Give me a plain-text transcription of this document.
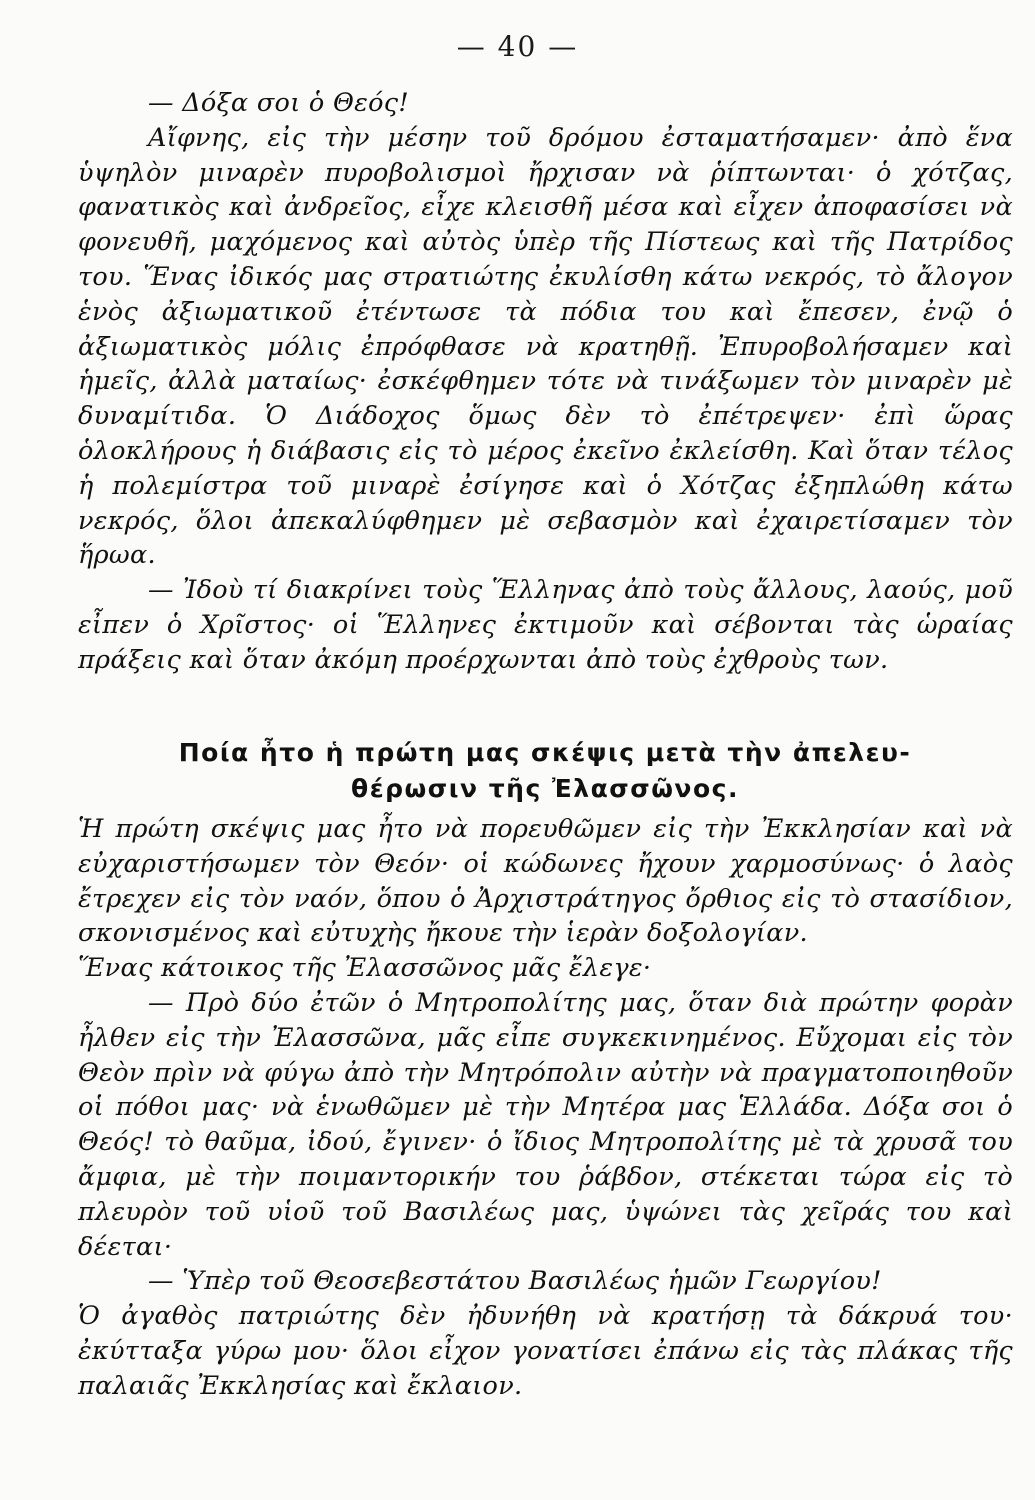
— 40 —

— Δόξα σοι ὁ Θεός!

Αἴφνης, εἰς τὴν μέσην τοῦ δρόμου ἐσταματήσαμεν· ἀπὸ ἕνα ὑψηλὸν μιναρὲν πυροβολισμοὶ ἤρχισαν νὰ ῥίπτωνται· ὁ χότζας, φανατικὸς καὶ ἀνδρεῖος, εἶχε κλεισθῆ μέσα καὶ εἶχεν ἀποφασίσει νὰ φονευθῆ, μαχόμενος καὶ αὐτὸς ὑπὲρ τῆς Πίστεως καὶ τῆς Πατρίδος του. Ἕνας ἰδικός μας στρατιώτης ἐκυλίσθη κάτω νεκρός, τὸ ἄλογον ἑνὸς ἀξιωματικοῦ ἐτέντωσε τὰ πόδια του καὶ ἔπεσεν, ἐνῷ ὁ ἀξιωματικὸς μόλις ἐπρόφθασε νὰ κρατηθῇ. Ἐπυροβολήσαμεν καὶ ἡμεῖς, ἀλλὰ ματαίως· ἐσκέφθημεν τότε νὰ τινάξωμεν τὸν μιναρὲν μὲ δυναμίτιδα. Ὁ Διάδοχος ὅμως δὲν τὸ ἐπέτρεψεν· ἐπὶ ὥρας ὁλοκλήρους ἡ διάβασις εἰς τὸ μέρος ἐκεῖνο ἐκλείσθη. Καὶ ὅταν τέλος ἡ πολεμίστρα τοῦ μιναρὲ ἐσίγησε καὶ ὁ Χότζας ἐξηπλώθη κάτω νεκρός, ὅλοι ἀπεκαλύφθημεν μὲ σεβασμὸν καὶ ἐχαιρετίσαμεν τὸν ἥρωα.

— Ἰδοὺ τί διακρίνει τοὺς Ἕλληνας ἀπὸ τοὺς ἄλλους, λαούς, μοῦ εἶπεν ὁ Χρῖστος· οἱ Ἕλληνες ἐκτιμοῦν καὶ σέβονται τὰς ὡραίας πράξεις καὶ ὅταν ἀκόμη προέρχωνται ἀπὸ τοὺς ἐχθροὺς των.

Ποία ἦτο ἡ πρώτη μας σκέψις μετὰ τὴν ἀπελευ-
θέρωσιν τῆς Ἐλασσῶνος.

Ἡ πρώτη σκέψις μας ἦτο νὰ πορευθῶμεν εἰς τὴν Ἐκκλησίαν καὶ νὰ εὐχαριστήσωμεν τὸν Θεόν· οἱ κώδωνες ἤχουν χαρμοσύνως· ὁ λαὸς ἔτρεχεν εἰς τὸν ναόν, ὅπου ὁ Ἀρχιστράτηγος ὄρθιος εἰς τὸ στασίδιον, σκονισμένος καὶ εὐτυχὴς ἤκουε τὴν ἱερὰν δοξολογίαν.

Ἕνας κάτοικος τῆς Ἐλασσῶνος μᾶς ἔλεγε·

— Πρὸ δύο ἐτῶν ὁ Μητροπολίτης μας, ὅταν διὰ πρώτην φορὰν ἦλθεν εἰς τὴν Ἐλασσῶνα, μᾶς εἶπε συγκεκινημένος. Εὔχομαι εἰς τὸν Θεὸν πρὶν νὰ φύγω ἀπὸ τὴν Μητρόπολιν αὐτὴν νὰ πραγματοποιηθοῦν οἱ πόθοι μας· νὰ ἑνωθῶμεν μὲ τὴν Μητέρα μας Ἑλλάδα. Δόξα σοι ὁ Θεός! τὸ θαῦμα, ἰδού, ἔγινεν· ὁ ἴδιος Μητροπολίτης μὲ τὰ χρυσᾶ του ἄμφια, μὲ τὴν ποιμαντορικήν του ῥάβδον, στέκεται τώρα εἰς τὸ πλευρὸν τοῦ υἱοῦ τοῦ Βασιλέως μας, ὑψώνει τὰς χεῖράς του καὶ δέεται·

— Ὑπὲρ τοῦ Θεοσεβεστάτου Βασιλέως ἡμῶν Γεωργίου!

Ὁ ἀγαθὸς πατριώτης δὲν ἠδυνήθη νὰ κρατήσῃ τὰ δάκρυά του· ἐκύτταξα γύρω μου· ὅλοι εἶχον γονατίσει ἐπάνω εἰς τὰς πλάκας τῆς παλαιᾶς Ἐκκλησίας καὶ ἔκλαιον.
